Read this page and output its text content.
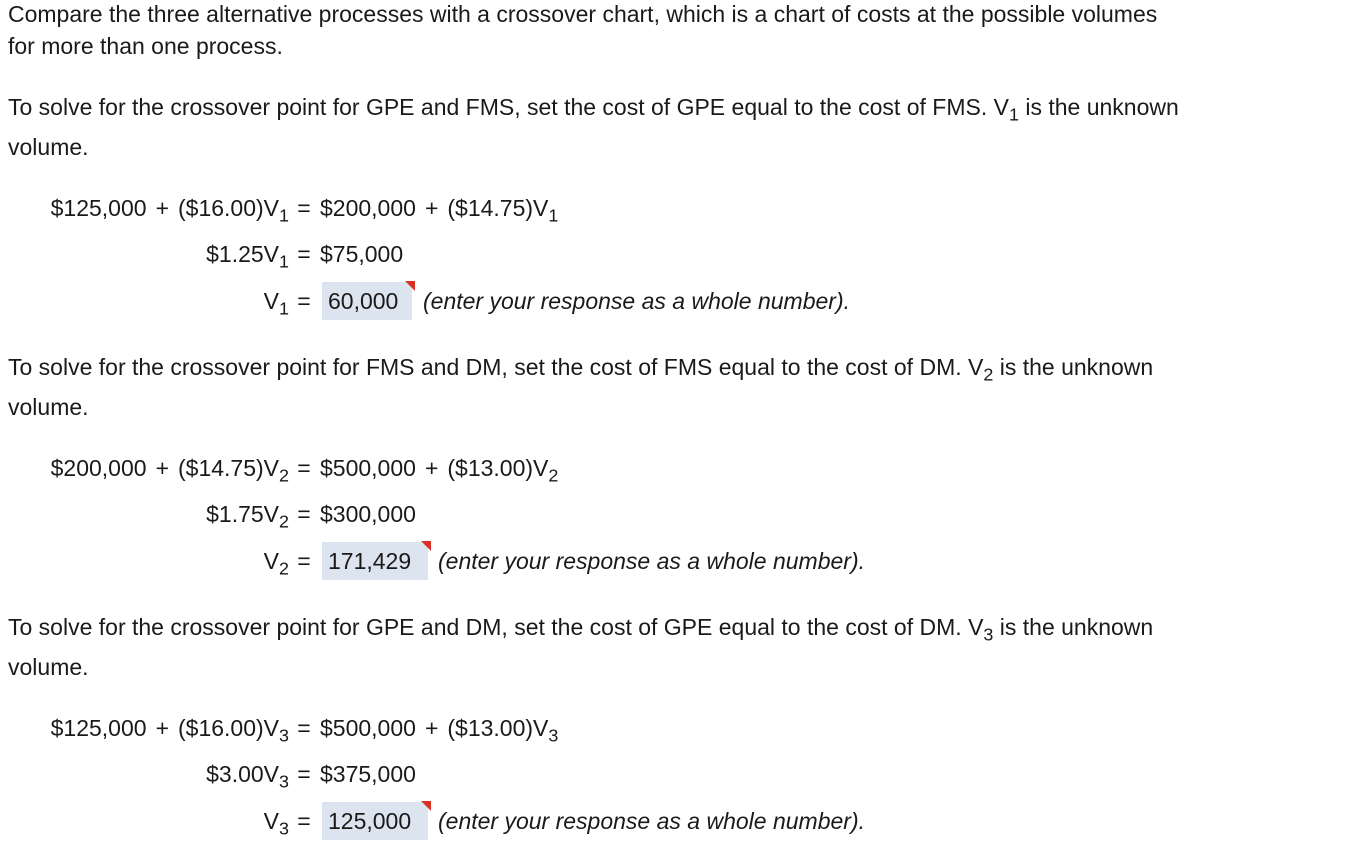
Compare the three alternative processes with a crossover chart, which is a chart of costs at the possible volumes
for more than one process.
To solve for the crossover point for GPE and FMS, set the cost of GPE equal to the cost of FMS. $V_1$ is the unknown
volume.
$125,000 + $(\$16.00)V_1$ = $200,000 + $(\$14.75)V_1$
$\$1.25V_1$ = $75,000
$V_1 = 60,000$	(enter your response as a whole number).
To solve for the crossover point for FMS and DM, set the cost of FMS equal to the cost of DM. $V_2$ is the unknown
volume.
$200,000 + $(\$14.75)V_2$ = $500,000 + $(\$13.00)V_2$
$\$1.75V_2$ = $300,000
$V_2 = 171,429$	(enter your response as a whole number).
To solve for the crossover point for GPE and DM, set the cost of GPE equal to the cost of DM. $V_3$ is the unknown
volume.
$125,000 + $(\$16.00)V_3$ = $500,000 + $(\$13.00)V_3$
$\$3.00V_3$ = $375,000
$V_3 = 125,000$	(enter your response as a whole number).
